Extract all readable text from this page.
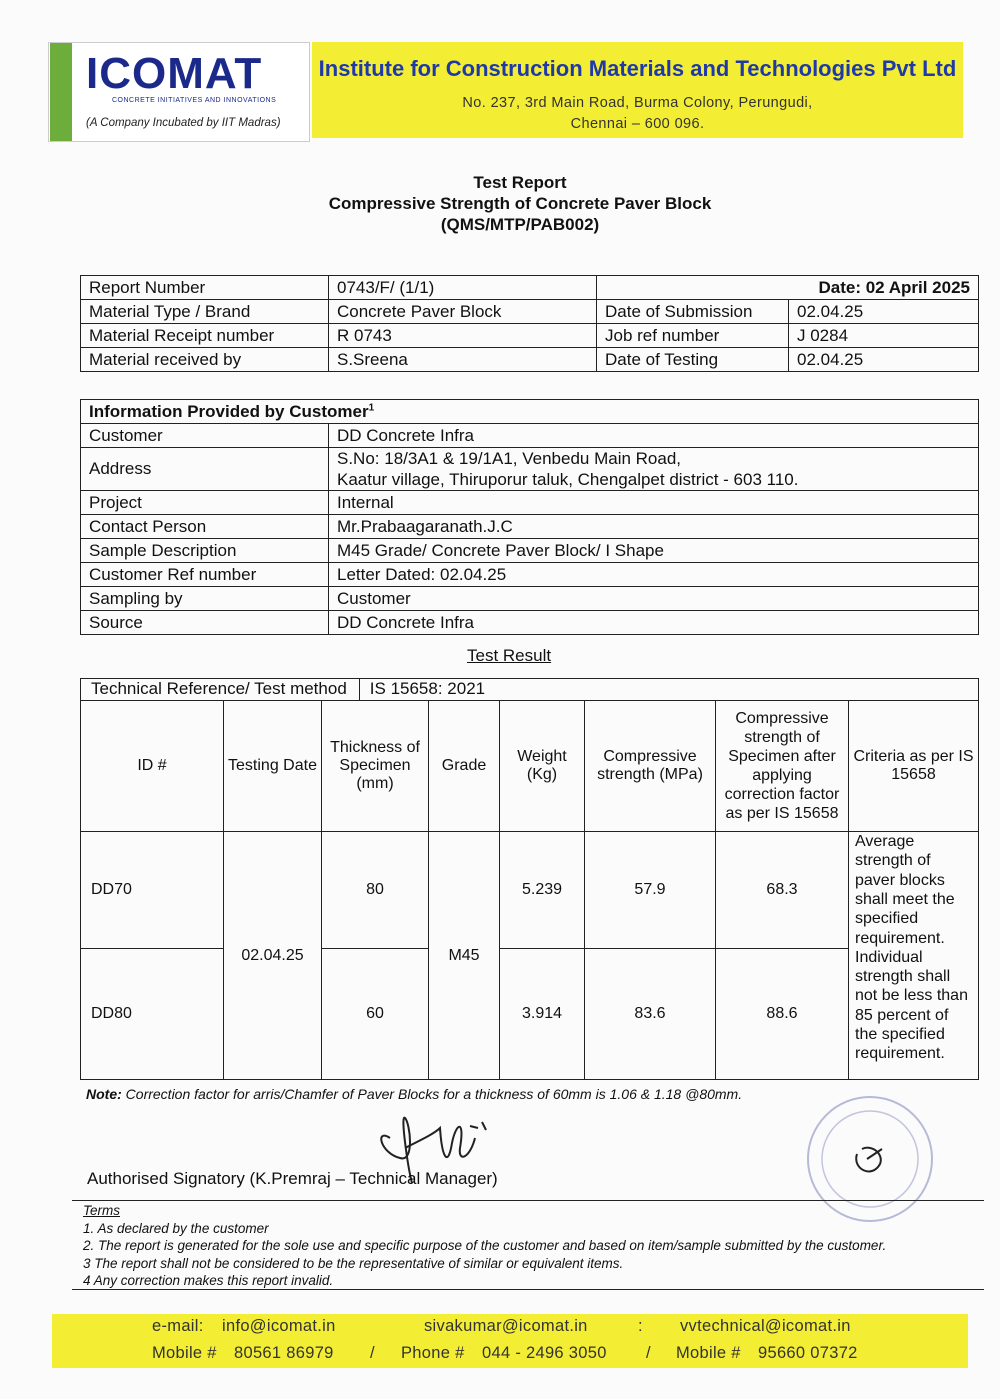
ICOMAT
CONCRETE INITIATIVES AND INNOVATIONS
(A Company Incubated by IIT Madras)
Institute for Construction Materials and Technologies Pvt Ltd
No. 237, 3rd Main Road, Burma Colony, Perungudi,
Chennai – 600 096.
Test Report
Compressive Strength of Concrete Paver Block
(QMS/MTP/PAB002)
Report Number	0743/F/ (1/1)	Date: 02 April 2025	
Material Type / Brand	Concrete Paver Block	Date of Submission	02.04.25
Material Receipt number	R 0743	Job ref number	J 0284
Material received by	S.Sreena	Date of Testing	02.04.25
Information Provided by Customer$^1$
Customer	DD Concrete Infra
Address	S.No: 18/3A1 & 19/1A1, Venbedu Main Road,
Kaatur village, Thiruporur taluk, Chengalpet district - 603 110.

Project	Internal
Contact Person	Mr.Prabaagaranath.J.C
Sample Description	M45 Grade/ Concrete Paver Block/ I Shape
Customer Ref number	Letter Dated: 02.04.25
Sampling by	Customer
Source	DD Concrete Infra
Test Result
Technical Reference/ Test method IS 15658: 2021							
ID #	Testing Date	Thickness of Specimen (mm)	Grade	Weight (Kg)	Compressive strength (MPa)	Compressive strength of Specimen after applying correction factor as per IS 15658	Criteria as per IS 15658
DD70	02.04.25	80	M45	5.239	57.9	68.3	Average strength of paver blocks shall meet the specified requirement. Individual strength shall not be less than 85 percent of the specified requirement.
DD80		60		3.914	83.6	88.6	
Note: Correction factor for arris/Chamfer of Paver Blocks for a thickness of 60mm is 1.06 & 1.18 @80mm.
Authorised Signatory (K.Premraj – Technical Manager)
Terms
1. As declared by the customer
2. The report is generated for the sole use and specific purpose of the customer and based on item/sample submitted by the customer.
3 The report shall not be considered to be the representative of similar or equivalent items.
4 Any correction makes this report invalid.
e-mail: info@icomat.in	sivakumar@icomat.in	: vvtechnical@icomat.in
Mobile # 80561 86979 / Phone # 044 - 2496 3050 / Mobile # 95660 07372
